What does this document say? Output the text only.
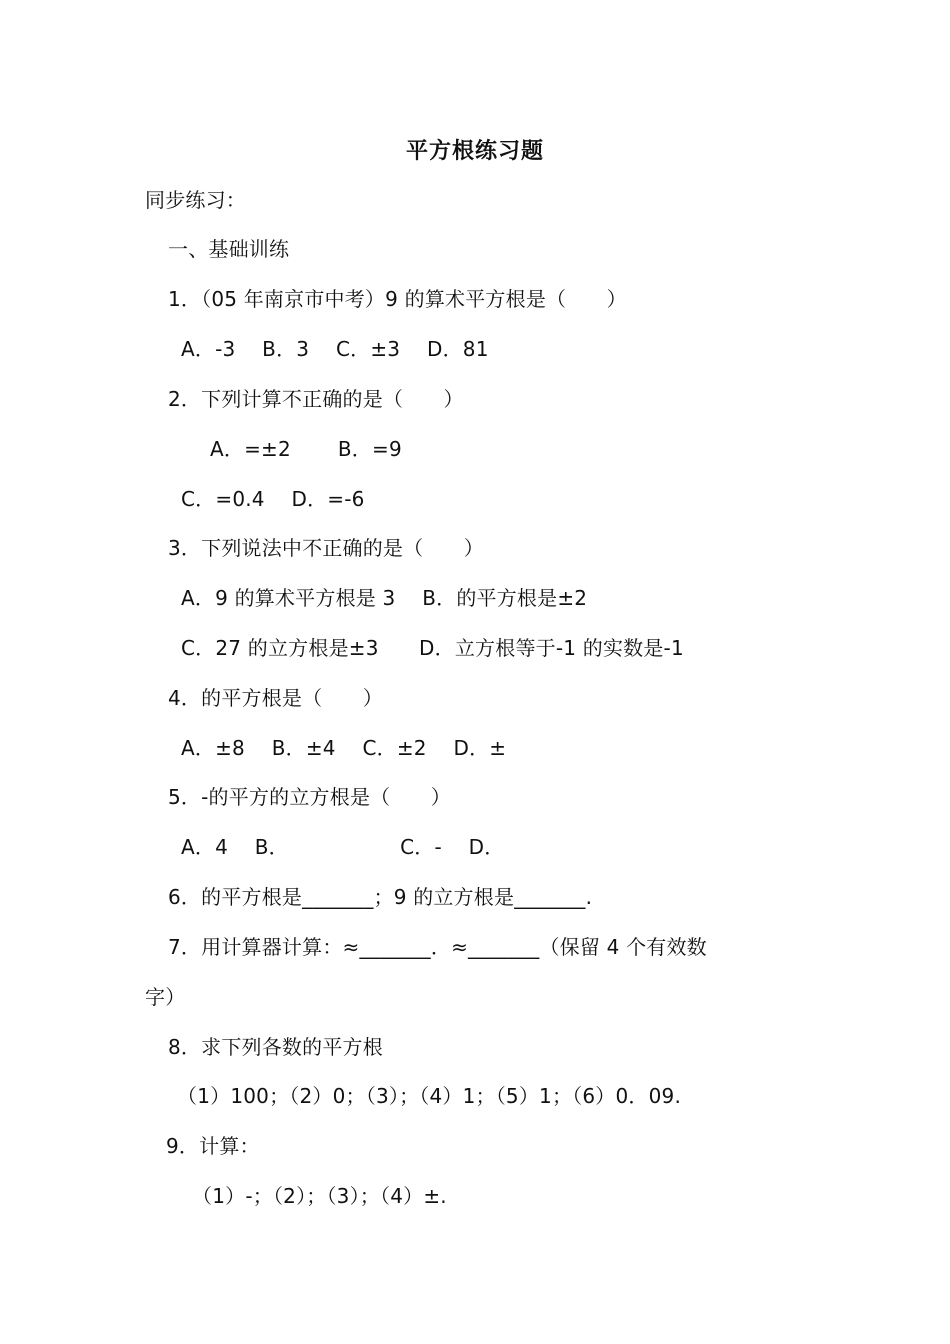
平方根练习题
同步练习：
一、基础训练
1．（05 年南京市中考）9 的算术平方根是（　　）
A．-3　 B．3　 C．±3　 D．81
2．下列计算不正确的是（　　）
A．=±2　　 B．=9
C．=0.4　 D．=-6
3．下列说法中不正确的是（　　）
A．9 的算术平方根是 3　 B．的平方根是±2
C．27 的立方根是±3　　D．立方根等于-1 的实数是-1
4．的平方根是（　　）
A．±8　 B．±4　 C．±2　 D．±
5．-的平方的立方根是（　　）
A．4　 B．　　　　　　C．-　 D．
6．的平方根是_______；9 的立方根是_______.
7．用计算器计算：≈_______．≈_______（保留 4 个有效数
字）
8．求下列各数的平方根
（1）100；（2）0；（3）；（4）1；（5）1；（6）0．09.
9．计算：
（1）-；（2）；（3）；（4）±.
